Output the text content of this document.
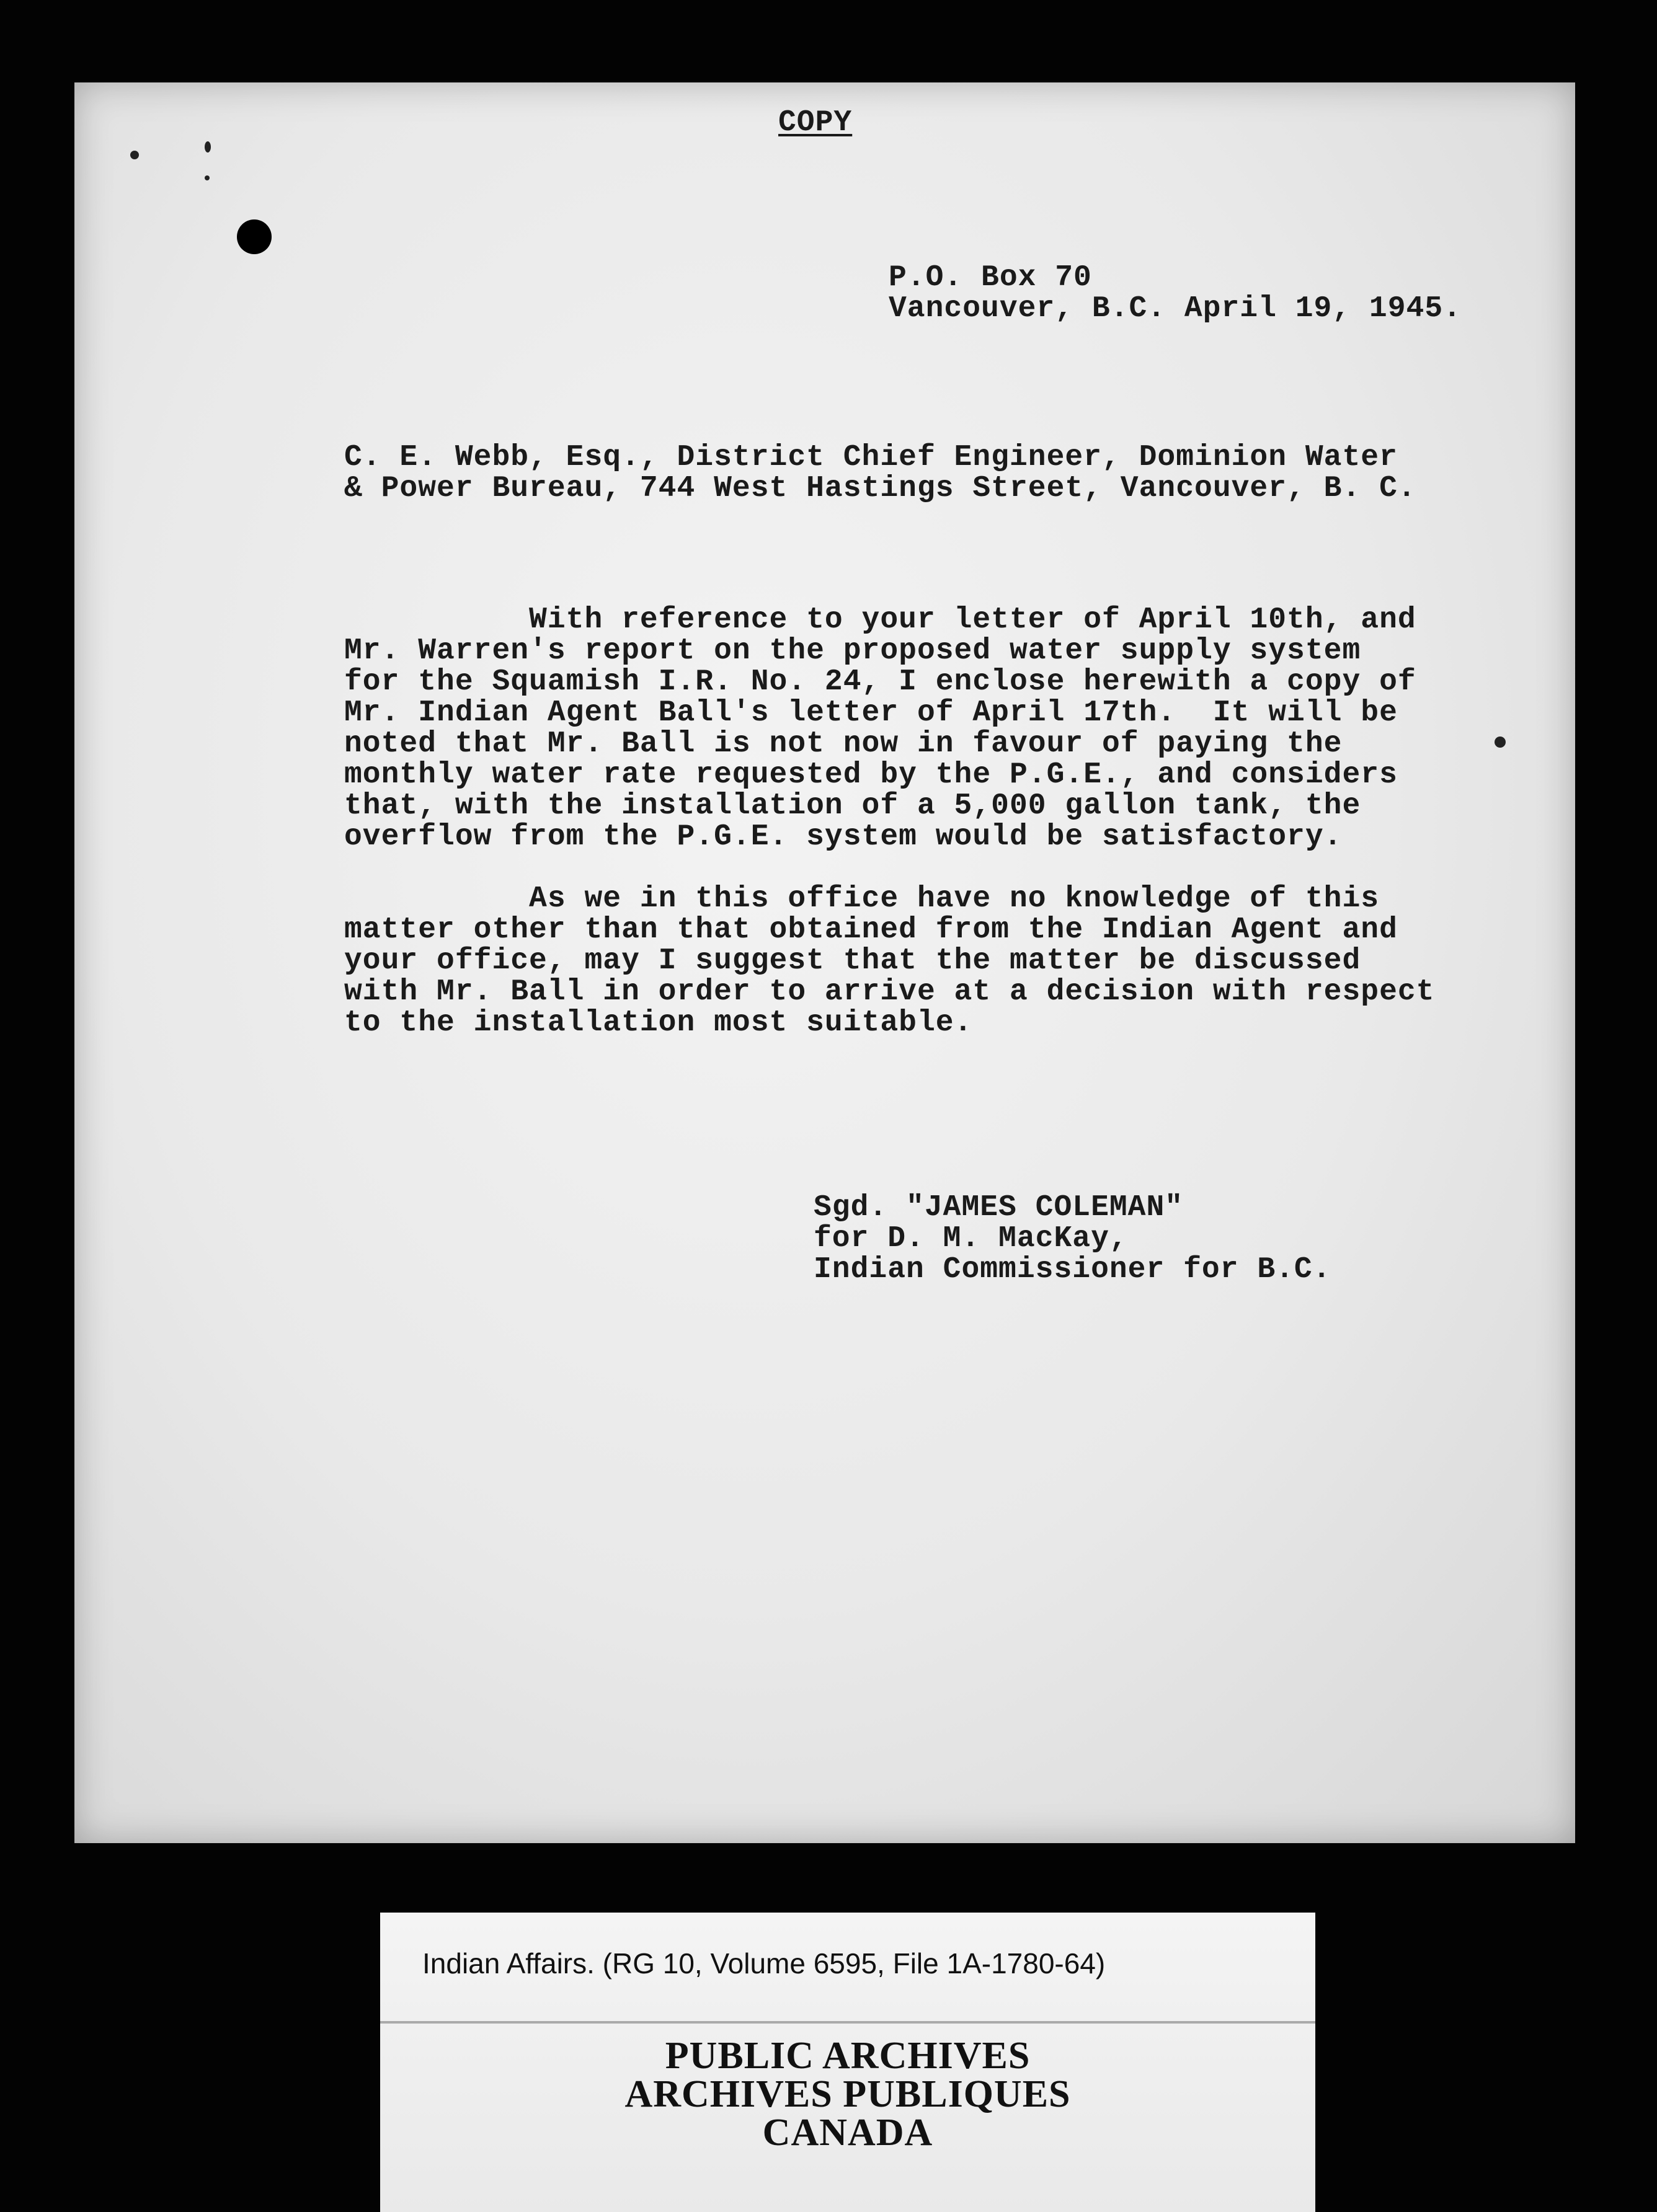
COPY
P.O. Box 70
Vancouver, B.C. April 19, 1945.
C. E. Webb, Esq., District Chief Engineer, Dominion Water
& Power Bureau, 744 West Hastings Street, Vancouver, B. C.
With reference to your letter of April 10th, and
Mr. Warren's report on the proposed water supply system
for the Squamish I.R. No. 24, I enclose herewith a copy of
Mr. Indian Agent Ball's letter of April 17th.  It will be
noted that Mr. Ball is not now in favour of paying the
monthly water rate requested by the P.G.E., and considers
that, with the installation of a 5,000 gallon tank, the
overflow from the P.G.E. system would be satisfactory.
As we in this office have no knowledge of this
matter other than that obtained from the Indian Agent and
your office, may I suggest that the matter be discussed
with Mr. Ball in order to arrive at a decision with respect
to the installation most suitable.
Sgd. "JAMES COLEMAN"
for D. M. MacKay,
Indian Commissioner for B.C.
Indian Affairs. (RG 10, Volume 6595, File 1A-1780-64)
PUBLIC ARCHIVES
ARCHIVES PUBLIQUES
CANADA
